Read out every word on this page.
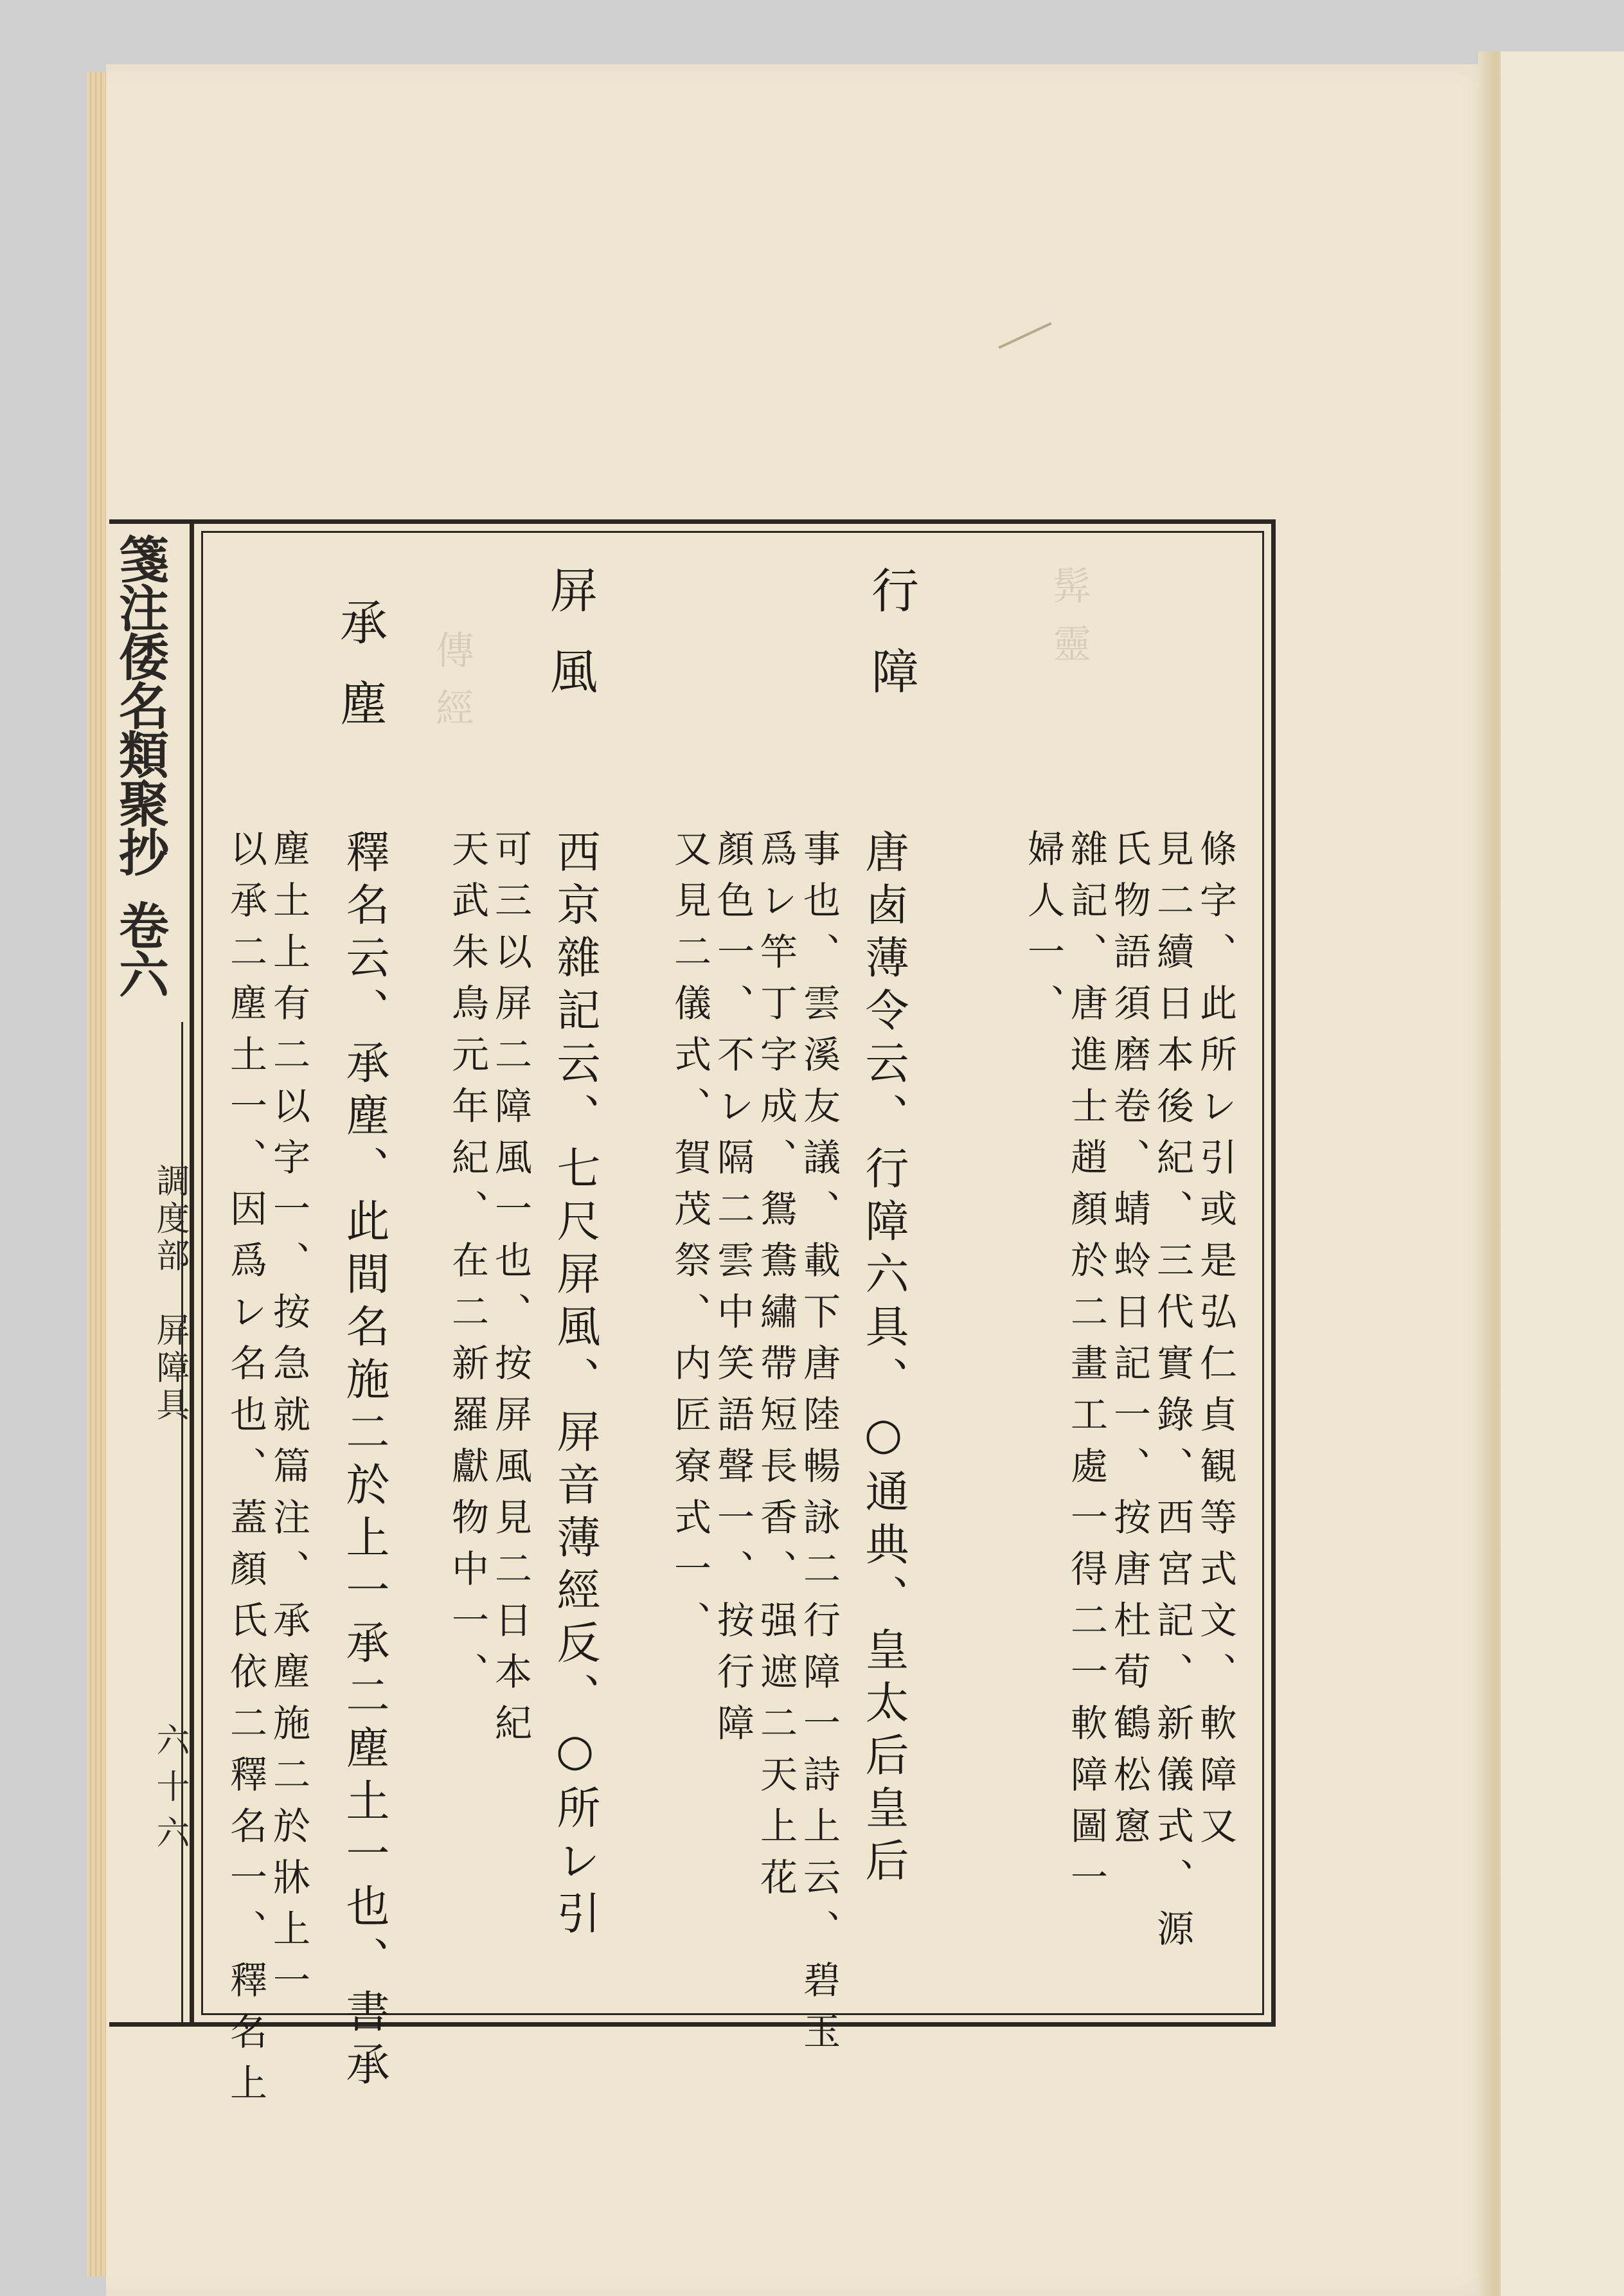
䯵靈
傳經
箋注倭名類聚抄
卷六
調度部　屏障具
六十六
行障
屏風
承塵
條字、此所レ引或是弘仁貞観等式文、軟障又
見二續日本後紀、三代實錄、西宮記、新儀式、源
氏物語須磨卷、蜻蛉日記一、按唐杜荀鶴松窻
雜記、唐進士趙顏於二畫工處一得二一軟障圖一
婦人一、
唐𠧧薄令云、行障六具、○通典、皇太后皇后
事也、雲溪友議、載下唐陸暢詠二行障一詩上云、碧玉
爲レ竿丁字成、鴛鴦繡帶短長香、强遮二天上花
顏色一、不レ隔二雲中笑語聲一、按行障
又見二儀式、賀茂祭、内匠寮式一、
西京雜記云、七尺屏風、屏音薄經反、○所レ引
可三以屏二障風一也、按屏風見二日本紀
天武朱鳥元年紀、在二新羅獻物中一、
釋名云、承塵、此間名施二於上一承二塵土一也、書承
塵土上有二以字一、按急就篇注、承塵施二於牀上一
以承二塵土一、因爲レ名也、蓋顏氏依二釋名一、釋名上
